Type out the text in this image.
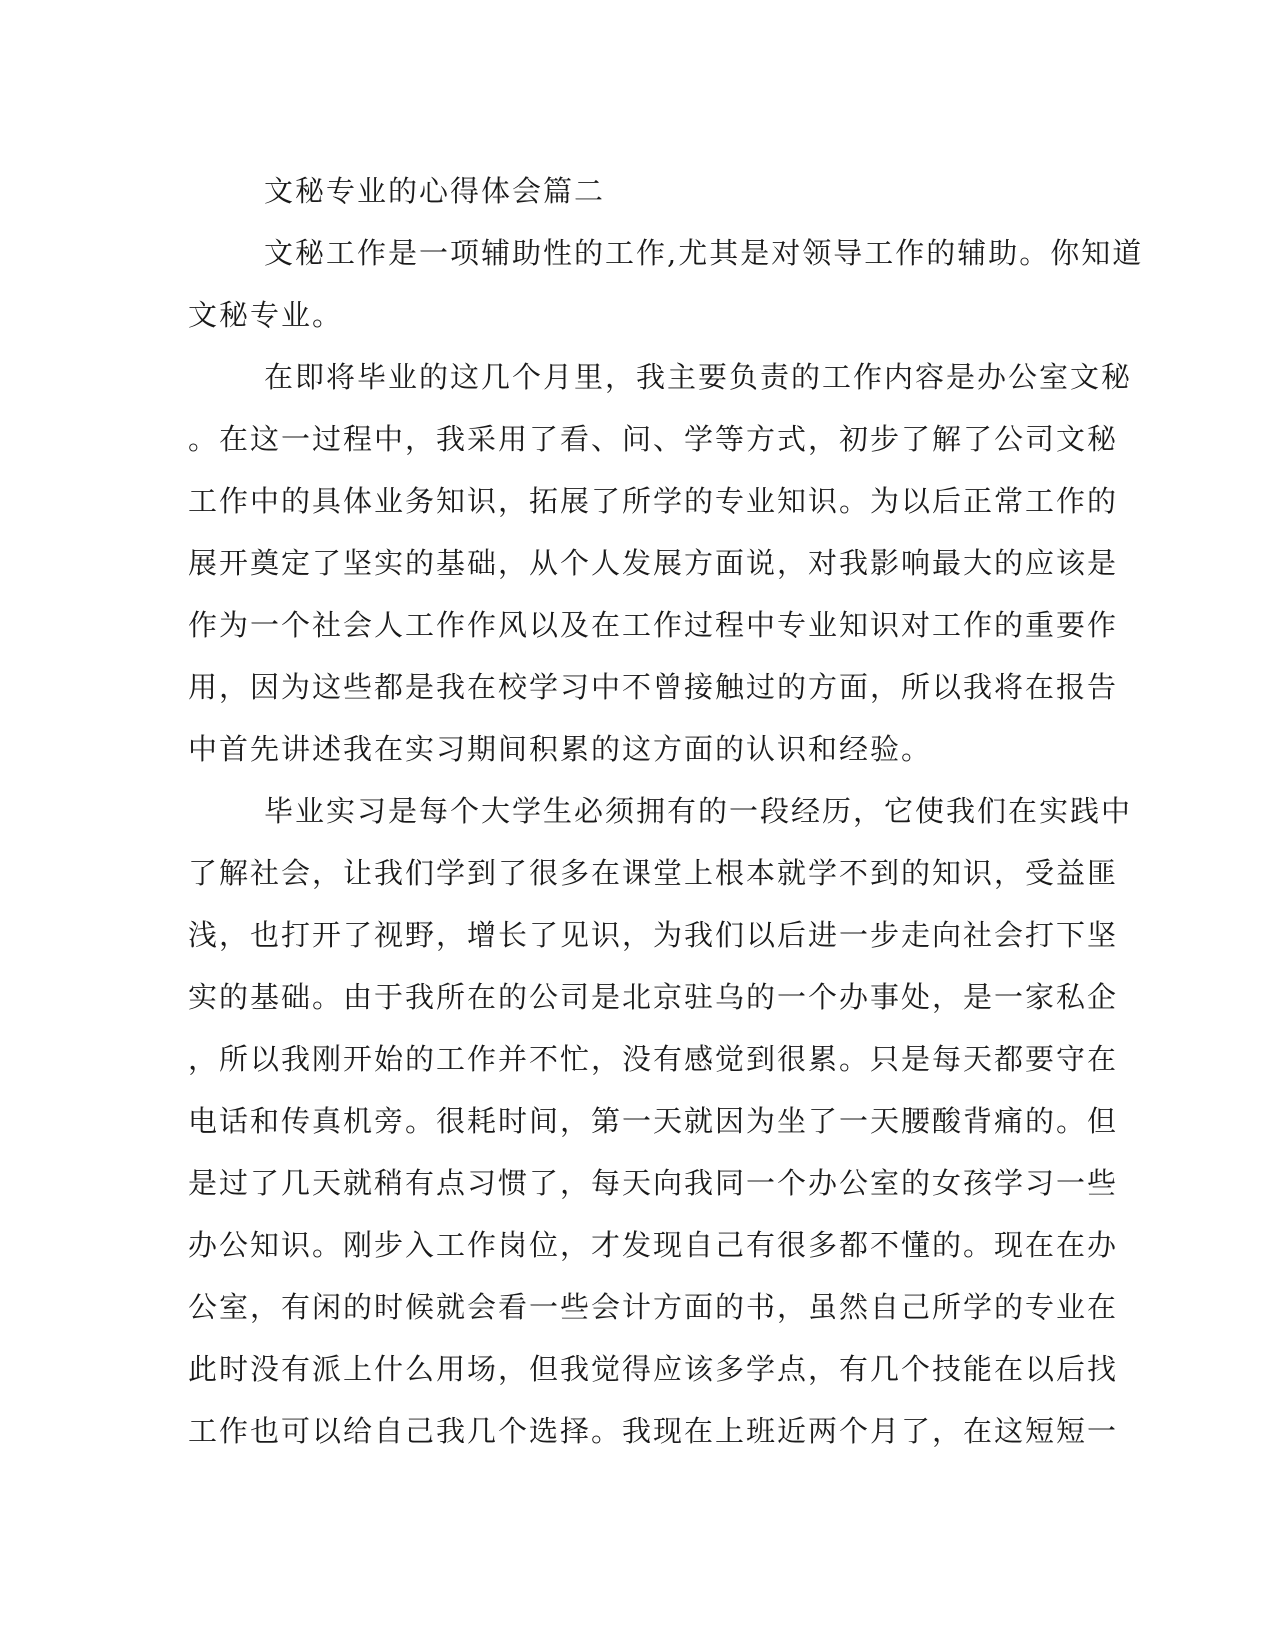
文秘专业的心得体会篇二
文秘工作是一项辅助性的工作,尤其是对领导工作的辅助。你知道
文秘专业。
在即将毕业的这几个月里，我主要负责的工作内容是办公室文秘
。在这一过程中，我采用了看、问、学等方式，初步了解了公司文秘
工作中的具体业务知识，拓展了所学的专业知识。为以后正常工作的
展开奠定了坚实的基础，从个人发展方面说，对我影响最大的应该是
作为一个社会人工作作风以及在工作过程中专业知识对工作的重要作
用，因为这些都是我在校学习中不曾接触过的方面，所以我将在报告
中首先讲述我在实习期间积累的这方面的认识和经验。
毕业实习是每个大学生必须拥有的一段经历，它使我们在实践中
了解社会，让我们学到了很多在课堂上根本就学不到的知识，受益匪
浅，也打开了视野，增长了见识，为我们以后进一步走向社会打下坚
实的基础。由于我所在的公司是北京驻乌的一个办事处，是一家私企
，所以我刚开始的工作并不忙，没有感觉到很累。只是每天都要守在
电话和传真机旁。很耗时间，第一天就因为坐了一天腰酸背痛的。但
是过了几天就稍有点习惯了，每天向我同一个办公室的女孩学习一些
办公知识。刚步入工作岗位，才发现自己有很多都不懂的。现在在办
公室，有闲的时候就会看一些会计方面的书，虽然自己所学的专业在
此时没有派上什么用场，但我觉得应该多学点，有几个技能在以后找
工作也可以给自己我几个选择。我现在上班近两个月了，在这短短一
